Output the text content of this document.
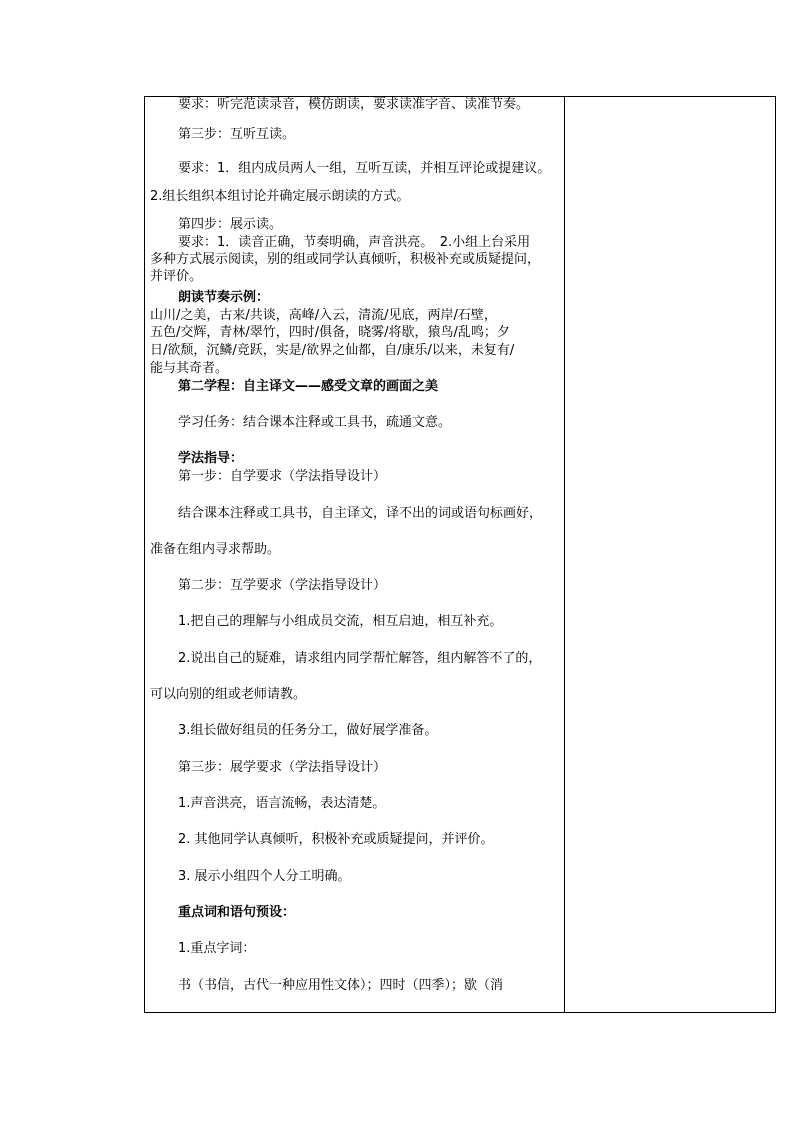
要求：听完范读录音，模仿朗读，要求读准字音、读准节奏。
第三步：互听互读。
要求：1．组内成员两人一组，互听互读，并相互评论或提建议。
2.组长组织本组讨论并确定展示朗读的方式。
第四步：展示读。
要求：1．读音正确，节奏明确，声音洪亮。　2.小组上台采用
多种方式展示阅读，别的组或同学认真倾听，积极补充或质疑提问，
并评价。
朗读节奏示例：
山川/之美，古来/共谈，高峰/入云，清流/见底，两岸/石壁，
五色/交辉，青林/翠竹，四时/俱备，晓雾/将歇，猿鸟/乱鸣；夕
日/欲颓，沉鳞/竞跃，实是/欲界之仙都，自/康乐/以来，未复有/
能与其奇者。
第二学程：自主译文——感受文章的画面之美
学习任务：结合课本注释或工具书，疏通文意。
学法指导：
第一步：自学要求（学法指导设计）
结合课本注释或工具书，自主译文，译不出的词或语句标画好，
准备在组内寻求帮助。
第二步：互学要求（学法指导设计）
1.把自己的理解与小组成员交流，相互启迪，相互补充。
2.说出自己的疑难，请求组内同学帮忙解答，组内解答不了的，
可以向别的组或老师请教。
3.组长做好组员的任务分工，做好展学准备。
第三步：展学要求（学法指导设计）
1.声音洪亮，语言流畅，表达清楚。
2. 其他同学认真倾听，积极补充或质疑提问，并评价。
3. 展示小组四个人分工明确。
重点词和语句预设：
1.重点字词：
书（书信，古代一种应用性文体）；四时（四季）；歇（消
